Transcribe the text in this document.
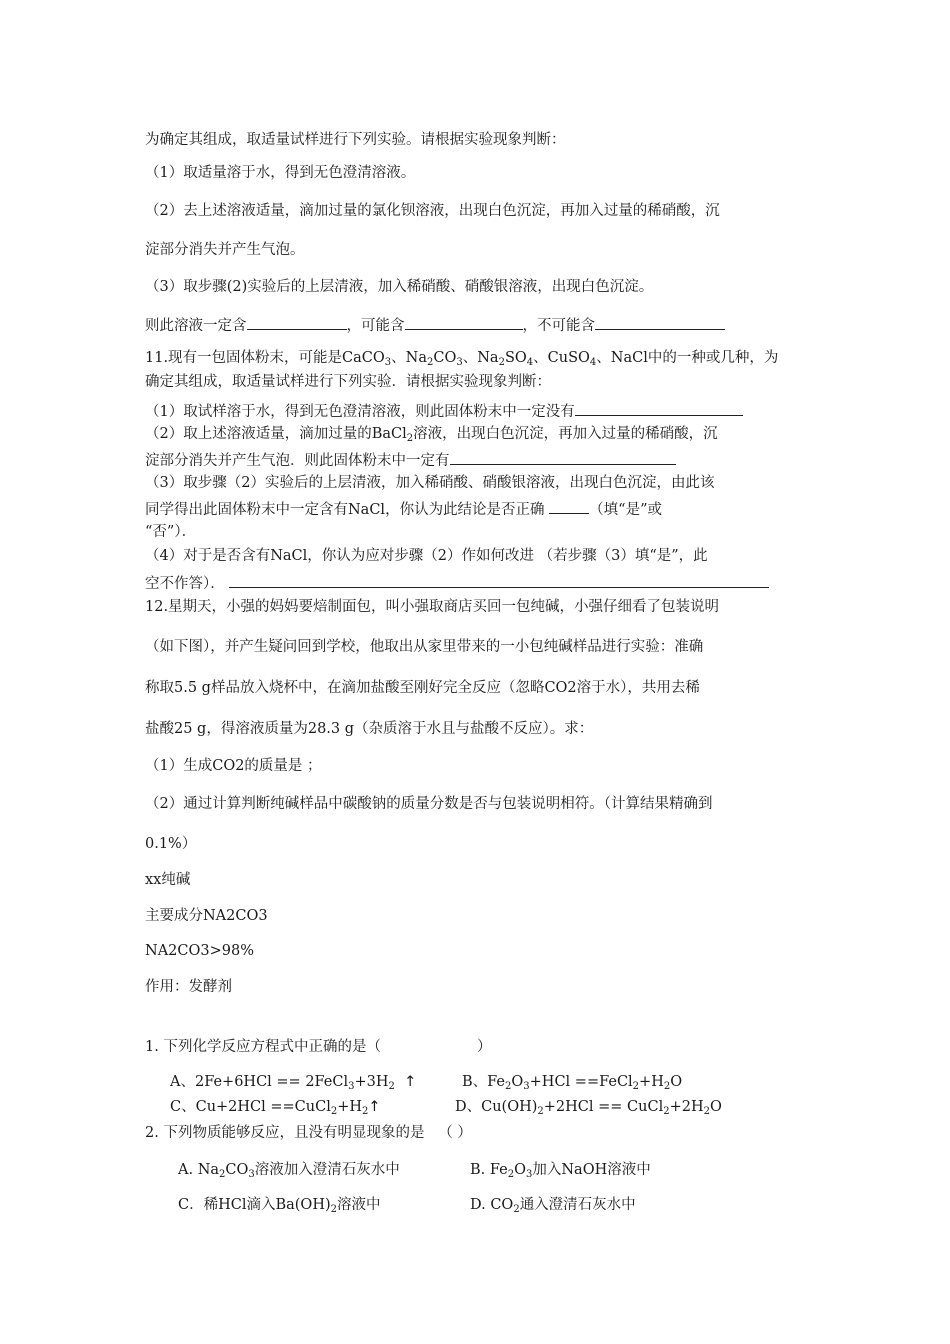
为确定其组成，取适量试样进行下列实验。请根据实验现象判断：
（1）取适量溶于水，得到无色澄清溶液。
（2）去上述溶液适量，滴加过量的氯化钡溶液，出现白色沉淀，再加入过量的稀硝酸，沉
淀部分消失并产生气泡。
（3）取步骤(2)实验后的上层清液，加入稀硝酸、硝酸银溶液，出现白色沉淀。
则此溶液一定含	，可能含	，不可能含
11.现有一包固体粉末，可能是CaCO$_3$、$Na_2CO_3$、$Na_2SO_4$、CuSO$_4$、NaCl中的一种或几种，为
确定其组成，取适量试样进行下列实验．请根据实验现象判断：
（1）取试样溶于水，得到无色澄清溶液，则此固体粉末中一定没有
（2）取上述溶液适量，滴加过量的BaCl$_2$溶液，出现白色沉淀，再加入过量的稀硝酸，沉
淀部分消失并产生气泡．则此固体粉末中一定有
（3）取步骤（2）实验后的上层清液，加入稀硝酸、硝酸银溶液，出现白色沉淀，由此该
同学得出此固体粉末中一定含有NaCl，你认为此结论是否正确	（填“是”或
“否”）．
（4）对于是否含有NaCl，你认为应对步骤（2）作如何改进 （若步骤（3）填“是”，此
空不作答）．
12.星期天，小强的妈妈要焙制面包，叫小强取商店买回一包纯碱，小强仔细看了包装说明
（如下图），并产生疑问回到学校，他取出从家里带来的一小包纯碱样品进行实验：准确
称取5.5 g样品放入烧杯中，在滴加盐酸至刚好完全反应（忽略CO2溶于水），共用去稀
盐酸25 g，得溶液质量为28.3 g（杂质溶于水且与盐酸不反应）。求：
（1）生成CO2的质量是 ；
（2）通过计算判断纯碱样品中碳酸钠的质量分数是否与包装说明相符。（计算结果精确到
0.1%）
xx纯碱
主要成分NA2CO3
NA2CO3>98%
作用：发酵剂
1. 下列化学反应方程式中正确的是（	）
A、$2Fe+6HCl == 2FeCl_3+3H_2$ ↑	B、$Fe_2O_3+HCl$ $==FeCl_2+H_2O$
C、$Cu+2HCl ==CuCl_2+H_2↑$	D、$Cu(OH)_2+2HCl$ == $CuCl_2+2H_2O$
2. 下列物质能够反应，且没有明显现象的是 （ ）
A. $Na_2CO_3$溶液加入澄清石灰水中	B. $Fe_2O_3$加入NaOH溶液中
C．稀HCl滴入$Ba(OH)_2$溶液中	D. $CO_2$通入澄清石灰水中
